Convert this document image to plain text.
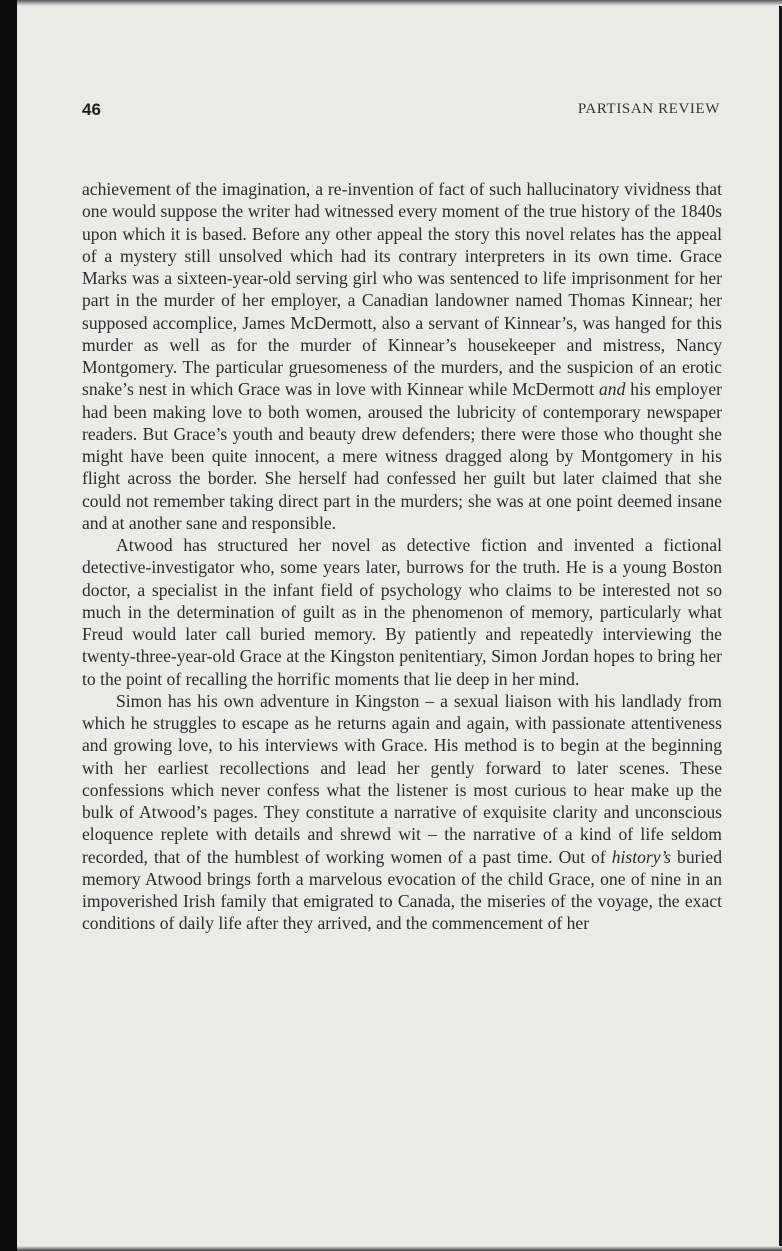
46	PARTISAN REVIEW

achievement of the imagination, a re-invention of fact of such hallucinatory vividness that one would suppose the writer had witnessed every moment of the true history of the 1840s upon which it is based. Before any other appeal the story this novel relates has the appeal of a mystery still unsolved which had its contrary interpreters in its own time. Grace Marks was a sixteen-year-old serving girl who was sentenced to life imprisonment for her part in the murder of her employer, a Canadian landowner named Thomas Kinnear; her supposed accomplice, James McDermott, also a servant of Kinnear’s, was hanged for this murder as well as for the murder of Kinnear’s housekeeper and mistress, Nancy Montgomery. The particular gruesomeness of the murders, and the suspicion of an erotic snake’s nest in which Grace was in love with Kinnear while McDermott and his employer had been making love to both women, aroused the lubricity of contemporary newspaper readers. But Grace’s youth and beauty drew defenders; there were those who thought she might have been quite innocent, a mere witness dragged along by Montgomery in his flight across the border. She herself had confessed her guilt but later claimed that she could not remember taking direct part in the murders; she was at one point deemed insane and at another sane and responsible.

Atwood has structured her novel as detective fiction and invented a fictional detective-investigator who, some years later, burrows for the truth. He is a young Boston doctor, a specialist in the infant field of psychology who claims to be interested not so much in the determination of guilt as in the phenomenon of memory, particularly what Freud would later call buried memory. By patiently and repeatedly interviewing the twenty-three-year-old Grace at the Kingston penitentiary, Simon Jordan hopes to bring her to the point of recalling the horrific moments that lie deep in her mind.

Simon has his own adventure in Kingston – a sexual liaison with his landlady from which he struggles to escape as he returns again and again, with passionate attentiveness and growing love, to his interviews with Grace. His method is to begin at the beginning with her earliest recollections and lead her gently forward to later scenes. These confessions which never confess what the listener is most curious to hear make up the bulk of Atwood’s pages. They constitute a narrative of exquisite clarity and unconscious eloquence replete with details and shrewd wit – the narrative of a kind of life seldom recorded, that of the humblest of working women of a past time. Out of history’s buried memory Atwood brings forth a marvelous evocation of the child Grace, one of nine in an impoverished Irish family that emigrated to Canada, the miseries of the voyage, the exact conditions of daily life after they arrived, and the commencement of her
